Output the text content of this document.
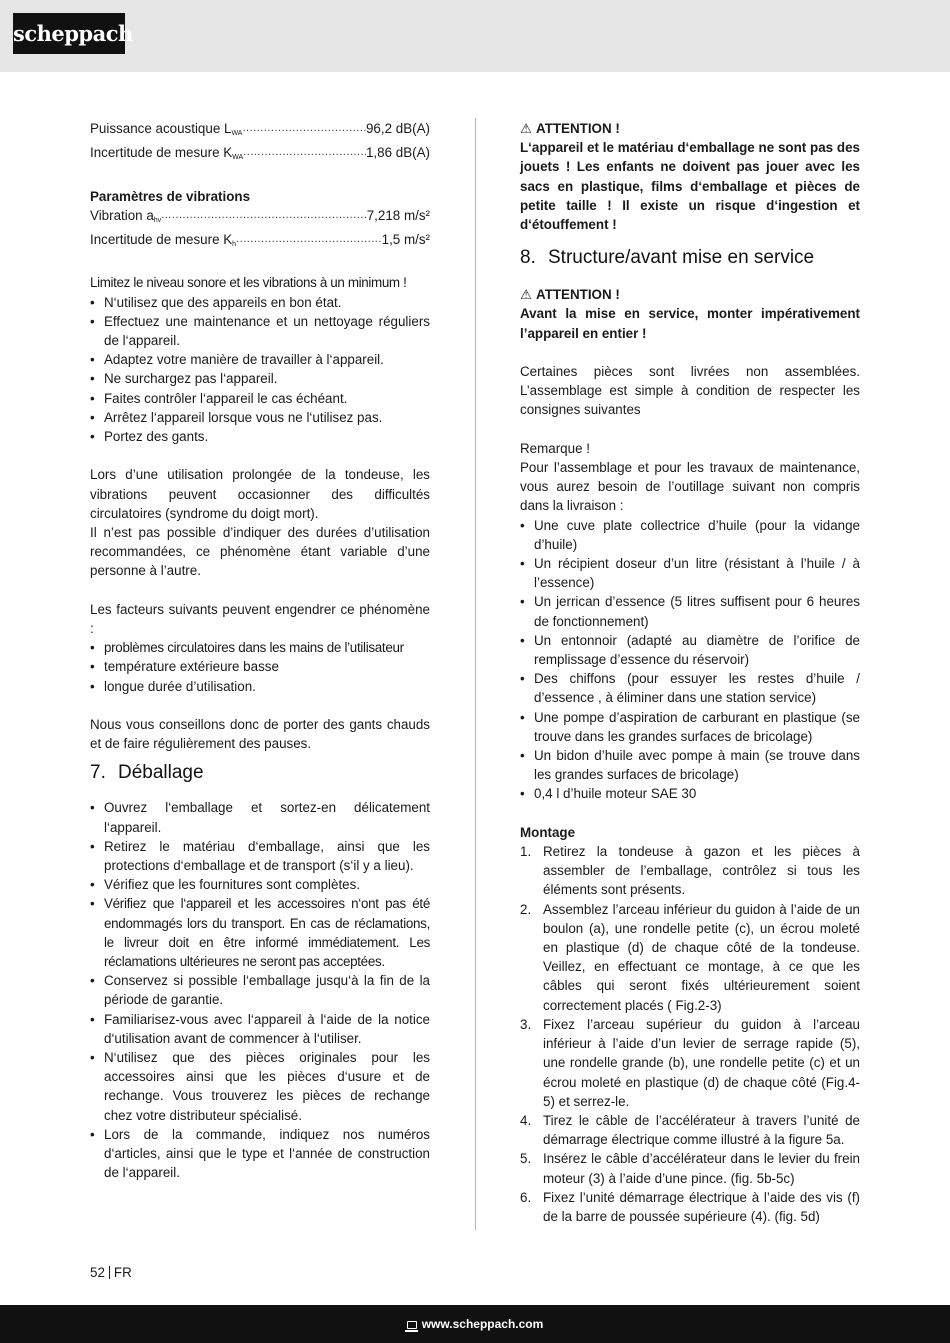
scheppach
Puissance acoustique $L_{WA}$ .....	96,2 dB(A)
Incertitude de mesure $K_{WA}$ .....	1,86 dB(A)
Paramètres de vibrations
Vibration $a_{hv}$ .....	7,218 m/s²
Incertitude de mesure $K_h$ .....	1,5 m/s²

Limitez le niveau sonore et les vibrations à un minimum !

• N‘utilisez que des appareils en bon état.
• Effectuez une maintenance et un nettoyage réguliers de l‘appareil.
• Adaptez votre manière de travailler à l‘appareil.
• Ne surchargez pas l‘appareil.
• Faites contrôler l‘appareil le cas échéant.
• Arrêtez l‘appareil lorsque vous ne l‘utilisez pas.
• Portez des gants.

Lors d’une utilisation prolongée de la tondeuse, les vibrations peuvent occasionner des difficultés circulatoires (syndrome du doigt mort).

Il n’est pas possible d’indiquer des durées d’utilisation recommandées, ce phénomène étant variable d’une personne à l’autre.

Les facteurs suivants peuvent engendrer ce phénomène :

• problèmes circulatoires dans les mains de l’utilisateur
• température extérieure basse
• longue durée d’utilisation.

Nous vous conseillons donc de porter des gants chauds et de faire régulièrement des pauses.

7. Déballage
• Ouvrez l‘emballage et sortez-en délicatement l‘appareil.
• Retirez le matériau d‘emballage, ainsi que les protections d‘emballage et de transport (s‘il y a lieu).
• Vérifiez que les fournitures sont complètes.
• Vérifiez que l‘appareil et les accessoires n‘ont pas été endommagés lors du transport. En cas de réclamations, le livreur doit en être informé immédiatement. Les réclamations ultérieures ne seront pas acceptées.
• Conservez si possible l‘emballage jusqu‘à la fin de la période de garantie.
• Familiarisez-vous avec l‘appareil à l‘aide de la notice d‘utilisation avant de commencer à l‘utiliser.
• N‘utilisez que des pièces originales pour les accessoires ainsi que les pièces d‘usure et de rechange. Vous trouverez les pièces de rechange chez votre distributeur spécialisé.
• Lors de la commande, indiquez nos numéros d‘articles, ainsi que le type et l‘année de construction de l‘appareil.
⚠ ATTENTION !

L‘appareil et le matériau d‘emballage ne sont pas des jouets ! Les enfants ne doivent pas jouer avec les sacs en plastique, films d‘emballage et pièces de petite taille ! Il existe un risque d‘ingestion et d‘étouffement !

8. Structure/avant mise en service
⚠ ATTENTION !

Avant la mise en service, monter impérativement l’appareil en entier !

Certaines pièces sont livrées non assemblées. L’assemblage est simple à condition de respecter les consignes suivantes

Remarque !

Pour l’assemblage et pour les travaux de maintenance, vous aurez besoin de l’outillage suivant non compris dans la livraison :

• Une cuve plate collectrice d’huile (pour la vidange d’huile)
• Un récipient doseur d’un litre (résistant à l’huile / à l’essence)
• Un jerrican d’essence (5 litres suffisent pour 6 heures de fonctionnement)
• Un entonnoir (adapté au diamètre de l’orifice de remplissage d’essence du réservoir)
• Des chiffons (pour essuyer les restes d’huile / d’essence , à éliminer dans une station service)
• Une pompe d’aspiration de carburant en plastique (se trouve dans les grandes surfaces de bricolage)
• Un bidon d’huile avec pompe à main (se trouve dans les grandes surfaces de bricolage)
• 0,4 l d’huile moteur SAE 30
Montage
1. Retirez la tondeuse à gazon et les pièces à assembler de l’emballage, contrôlez si tous les éléments sont présents.
2. Assemblez l’arceau inférieur du guidon à l’aide de un boulon (a), une rondelle petite (c), un écrou moleté en plastique (d) de chaque côté de la tondeuse. Veillez, en effectuant ce montage, à ce que les câbles qui seront fixés ultérieurement soient correctement placés ( Fig.2-3)
3. Fixez l’arceau supérieur du guidon à l’arceau inférieur à l’aide d’un levier de serrage rapide (5), une rondelle grande (b), une rondelle petite (c) et un écrou moleté en plastique (d) de chaque côté (Fig.4-5) et serrez-le.
4. Tirez le câble de l’accélérateur à travers l’unité de démarrage électrique comme illustré à la figure 5a.
5. Insérez le câble d’accélérateur dans le levier du frein moteur (3) à l’aide d’une pince. (fig. 5b-5c)
6. Fixez l’unité démarrage électrique à l’aide des vis (f) de la barre de poussée supérieure (4). (fig. 5d)
52 FR
www.scheppach.com
